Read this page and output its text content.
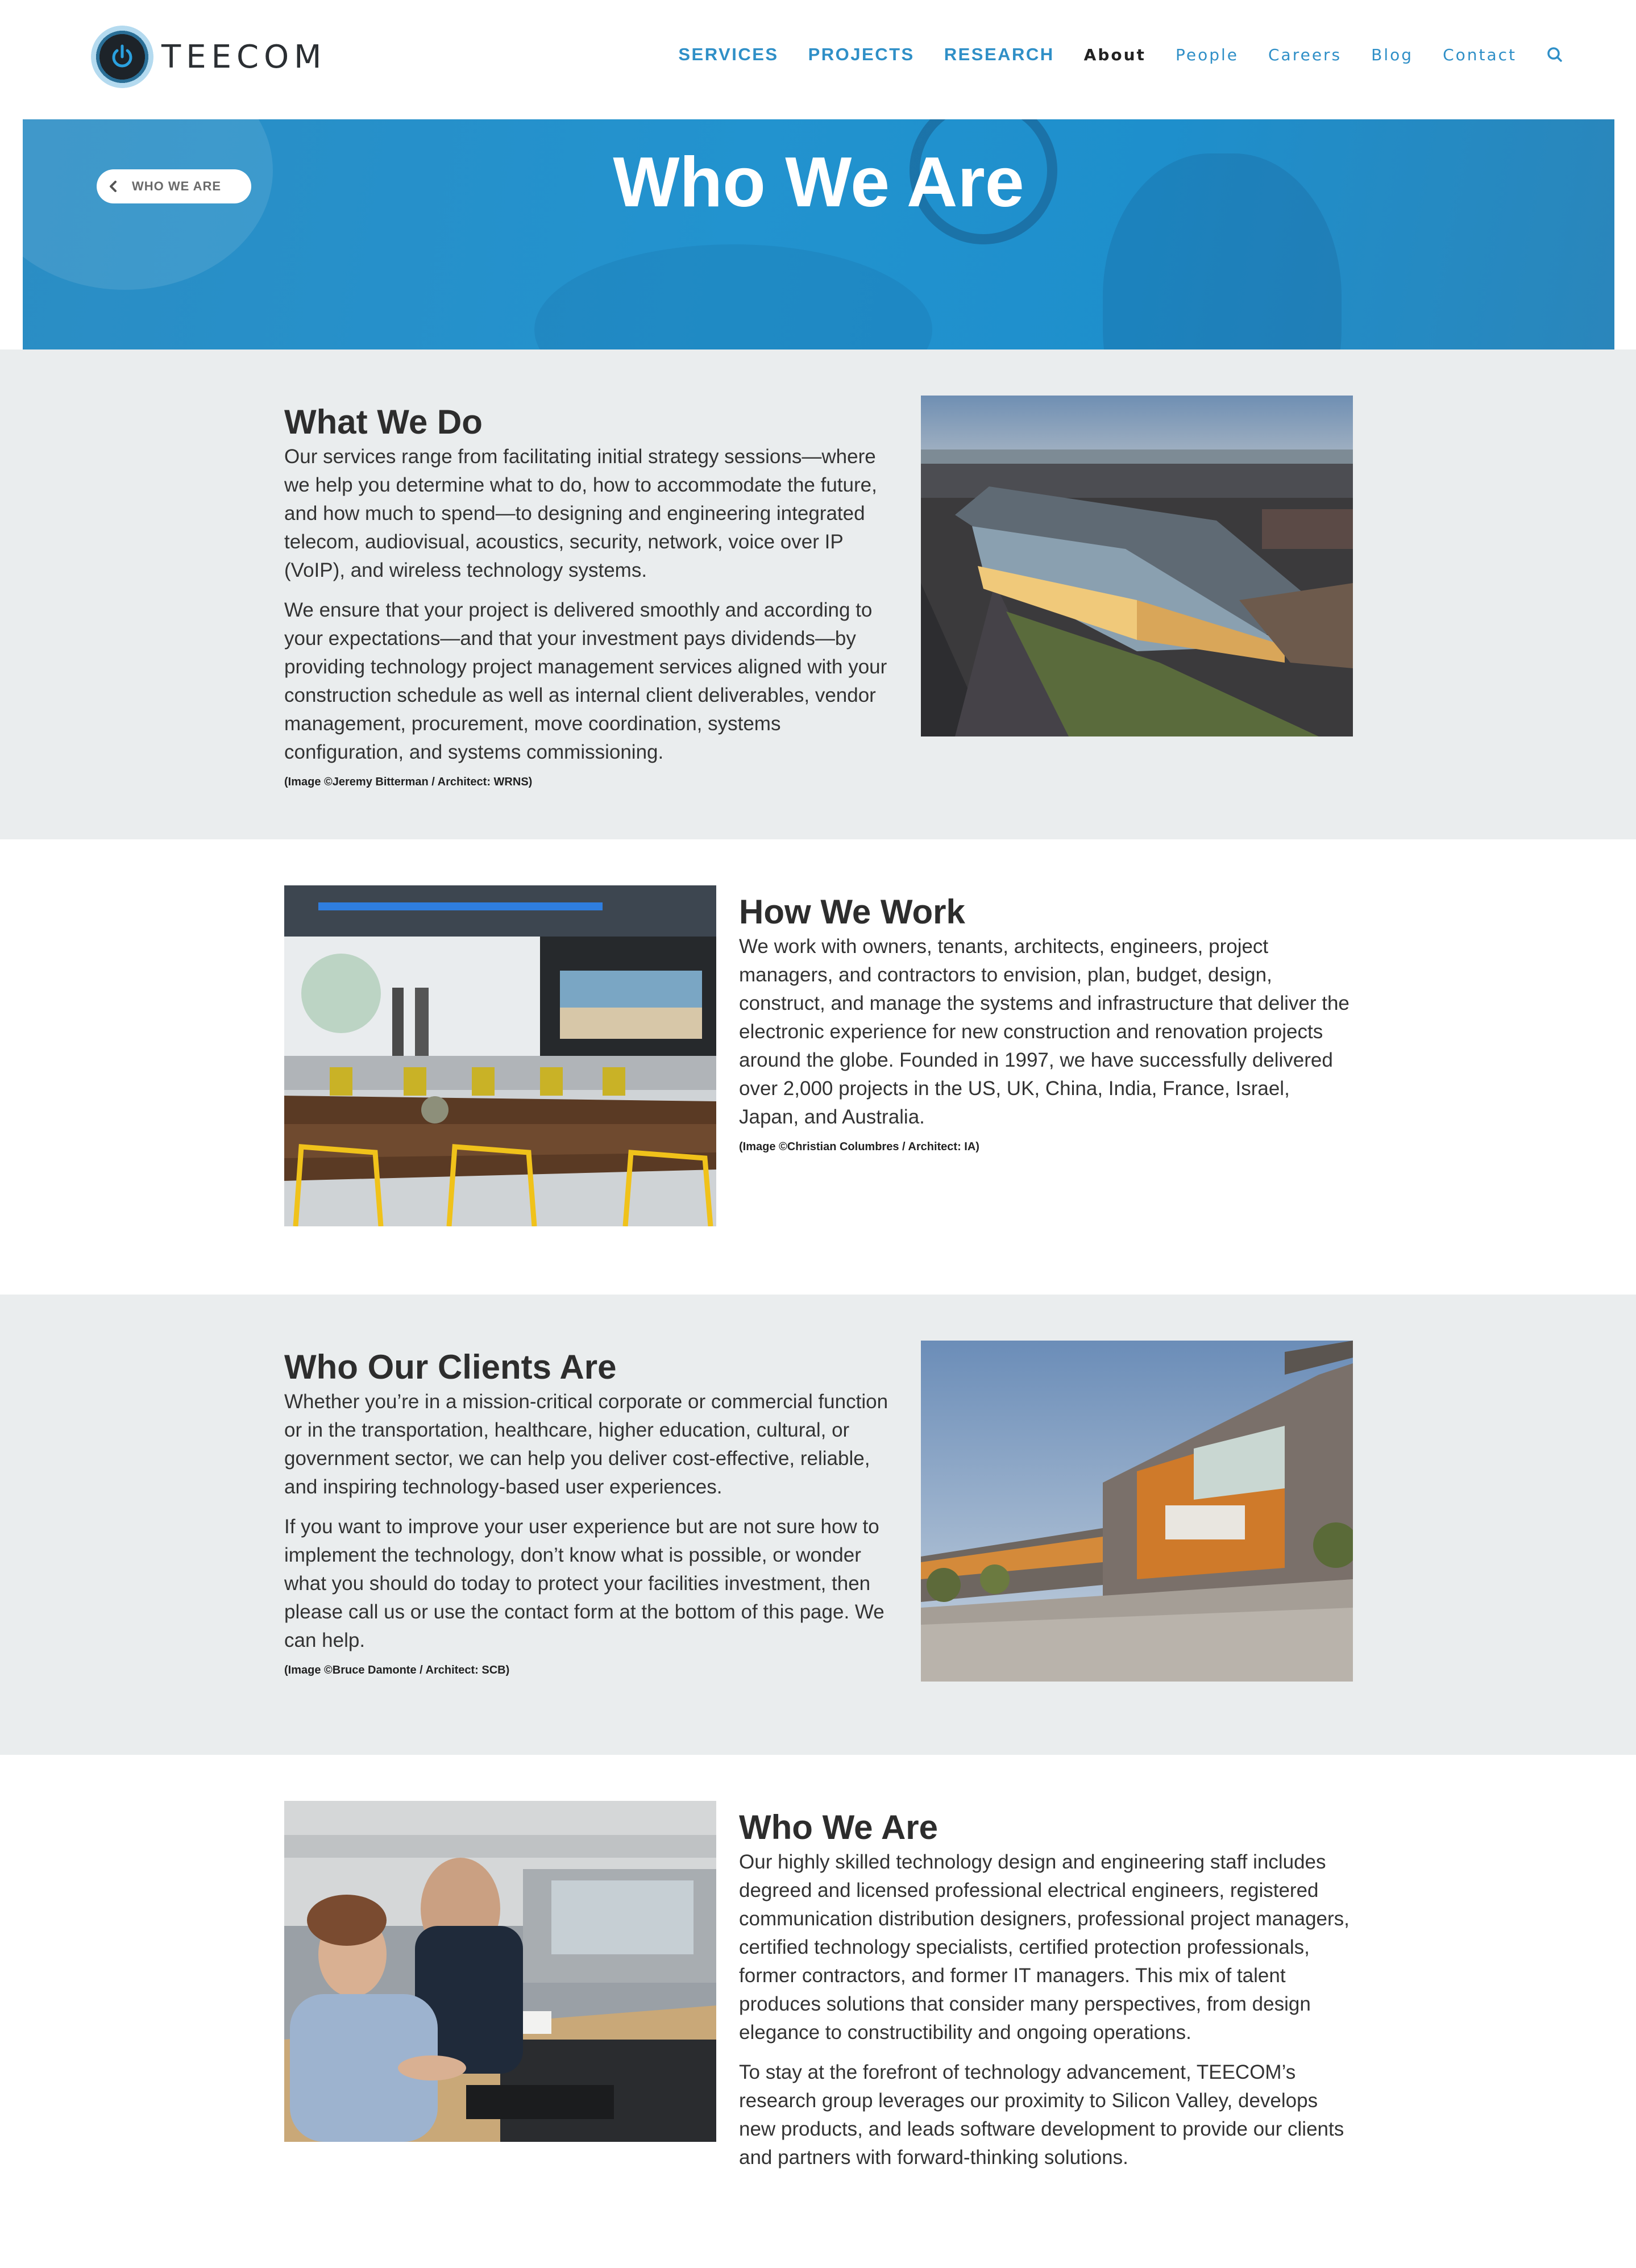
TEECOM	SERVICES PROJECTS RESEARCH About People Careers Blog Contact
WHO WE ARE	Who We Are
What We Do

Our services range from facilitating initial strategy sessions—where we help you determine what to do, how to accommodate the future, and how much to spend—to designing and engineering integrated telecom, audiovisual, acoustics, security, network, voice over IP (VoIP), and wireless technology systems.

We ensure that your project is delivered smoothly and according to your expectations—and that your investment pays dividends—by providing technology project management services aligned with your construction schedule as well as internal client deliverables, vendor management, procurement, move coordination, systems configuration, and systems commissioning.

(Image ©Jeremy Bitterman / Architect: WRNS)

How We Work

We work with owners, tenants, architects, engineers, project managers, and contractors to envision, plan, budget, design, construct, and manage the systems and infrastructure that deliver the electronic experience for new construction and renovation projects around the globe. Founded in 1997, we have successfully delivered over 2,000 projects in the US, UK, China, India, France, Israel, Japan, and Australia.

(Image ©Christian Columbres / Architect: IA)

Who Our Clients Are

Whether you’re in a mission-critical corporate or commercial function or in the transportation, healthcare, higher education, cultural, or government sector, we can help you deliver cost-effective, reliable, and inspiring technology-based user experiences.

If you want to improve your user experience but are not sure how to implement the technology, don’t know what is possible, or wonder what you should do today to protect your facilities investment, then please call us or use the contact form at the bottom of this page. We can help.

(Image ©Bruce Damonte / Architect: SCB)

Who We Are

Our highly skilled technology design and engineering staff includes degreed and licensed professional electrical engineers, registered communication distribution designers, professional project managers, certified technology specialists, certified protection professionals, former contractors, and former IT managers. This mix of talent produces solutions that consider many perspectives, from design elegance to constructibility and ongoing operations.

To stay at the forefront of technology advancement, TEECOM’s research group leverages our proximity to Silicon Valley, develops new products, and leads software development to provide our clients and partners with forward-thinking solutions.
